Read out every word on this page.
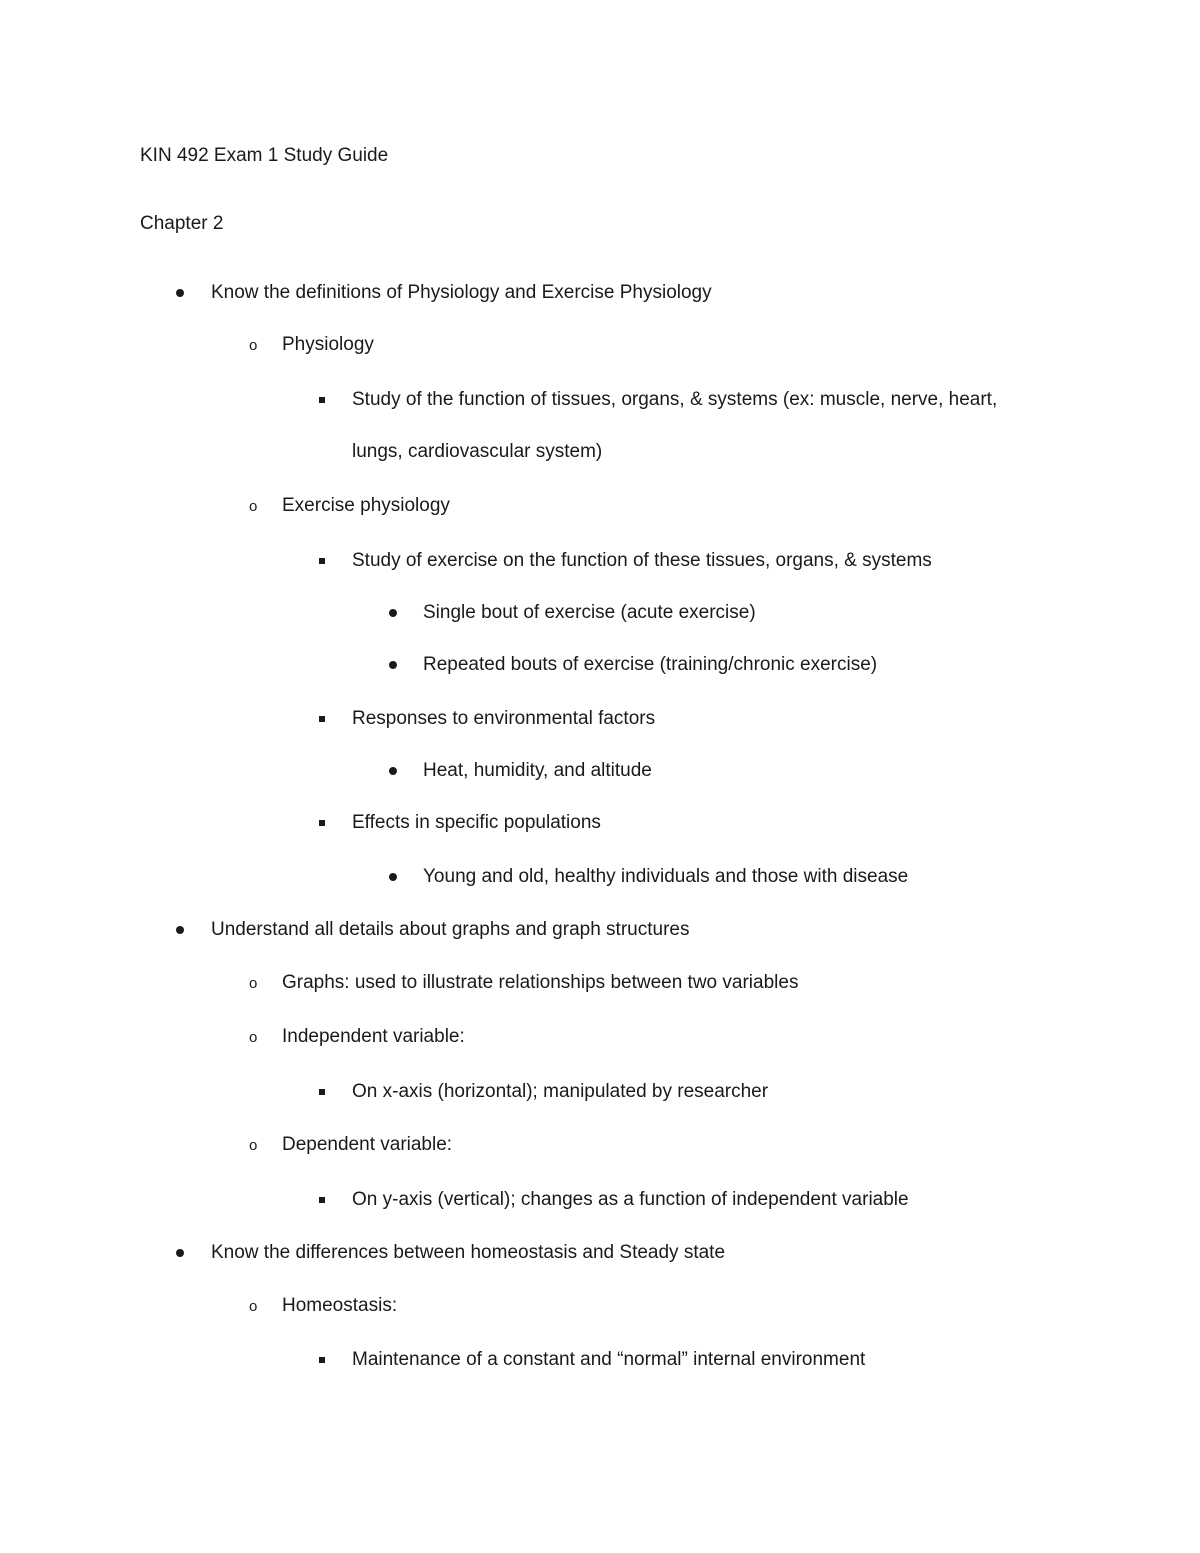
KIN 492 Exam 1 Study Guide
Chapter 2
Know the definitions of Physiology and Exercise Physiology
Physiology
o
Study of the function of tissues, organs, & systems (ex: muscle, nerve, heart,
lungs, cardiovascular system)
Exercise physiology
o
Study of exercise on the function of these tissues, organs, & systems
Single bout of exercise (acute exercise)
Repeated bouts of exercise (training/chronic exercise)
Responses to environmental factors
Heat, humidity, and altitude
Effects in specific populations
Young and old, healthy individuals and those with disease
Understand all details about graphs and graph structures
Graphs: used to illustrate relationships between two variables
o
Independent variable:
o
On x-axis (horizontal); manipulated by researcher
Dependent variable:
o
On y-axis (vertical); changes as a function of independent variable
Know the differences between homeostasis and Steady state
Homeostasis:
o
Maintenance of a constant and “normal” internal environment
